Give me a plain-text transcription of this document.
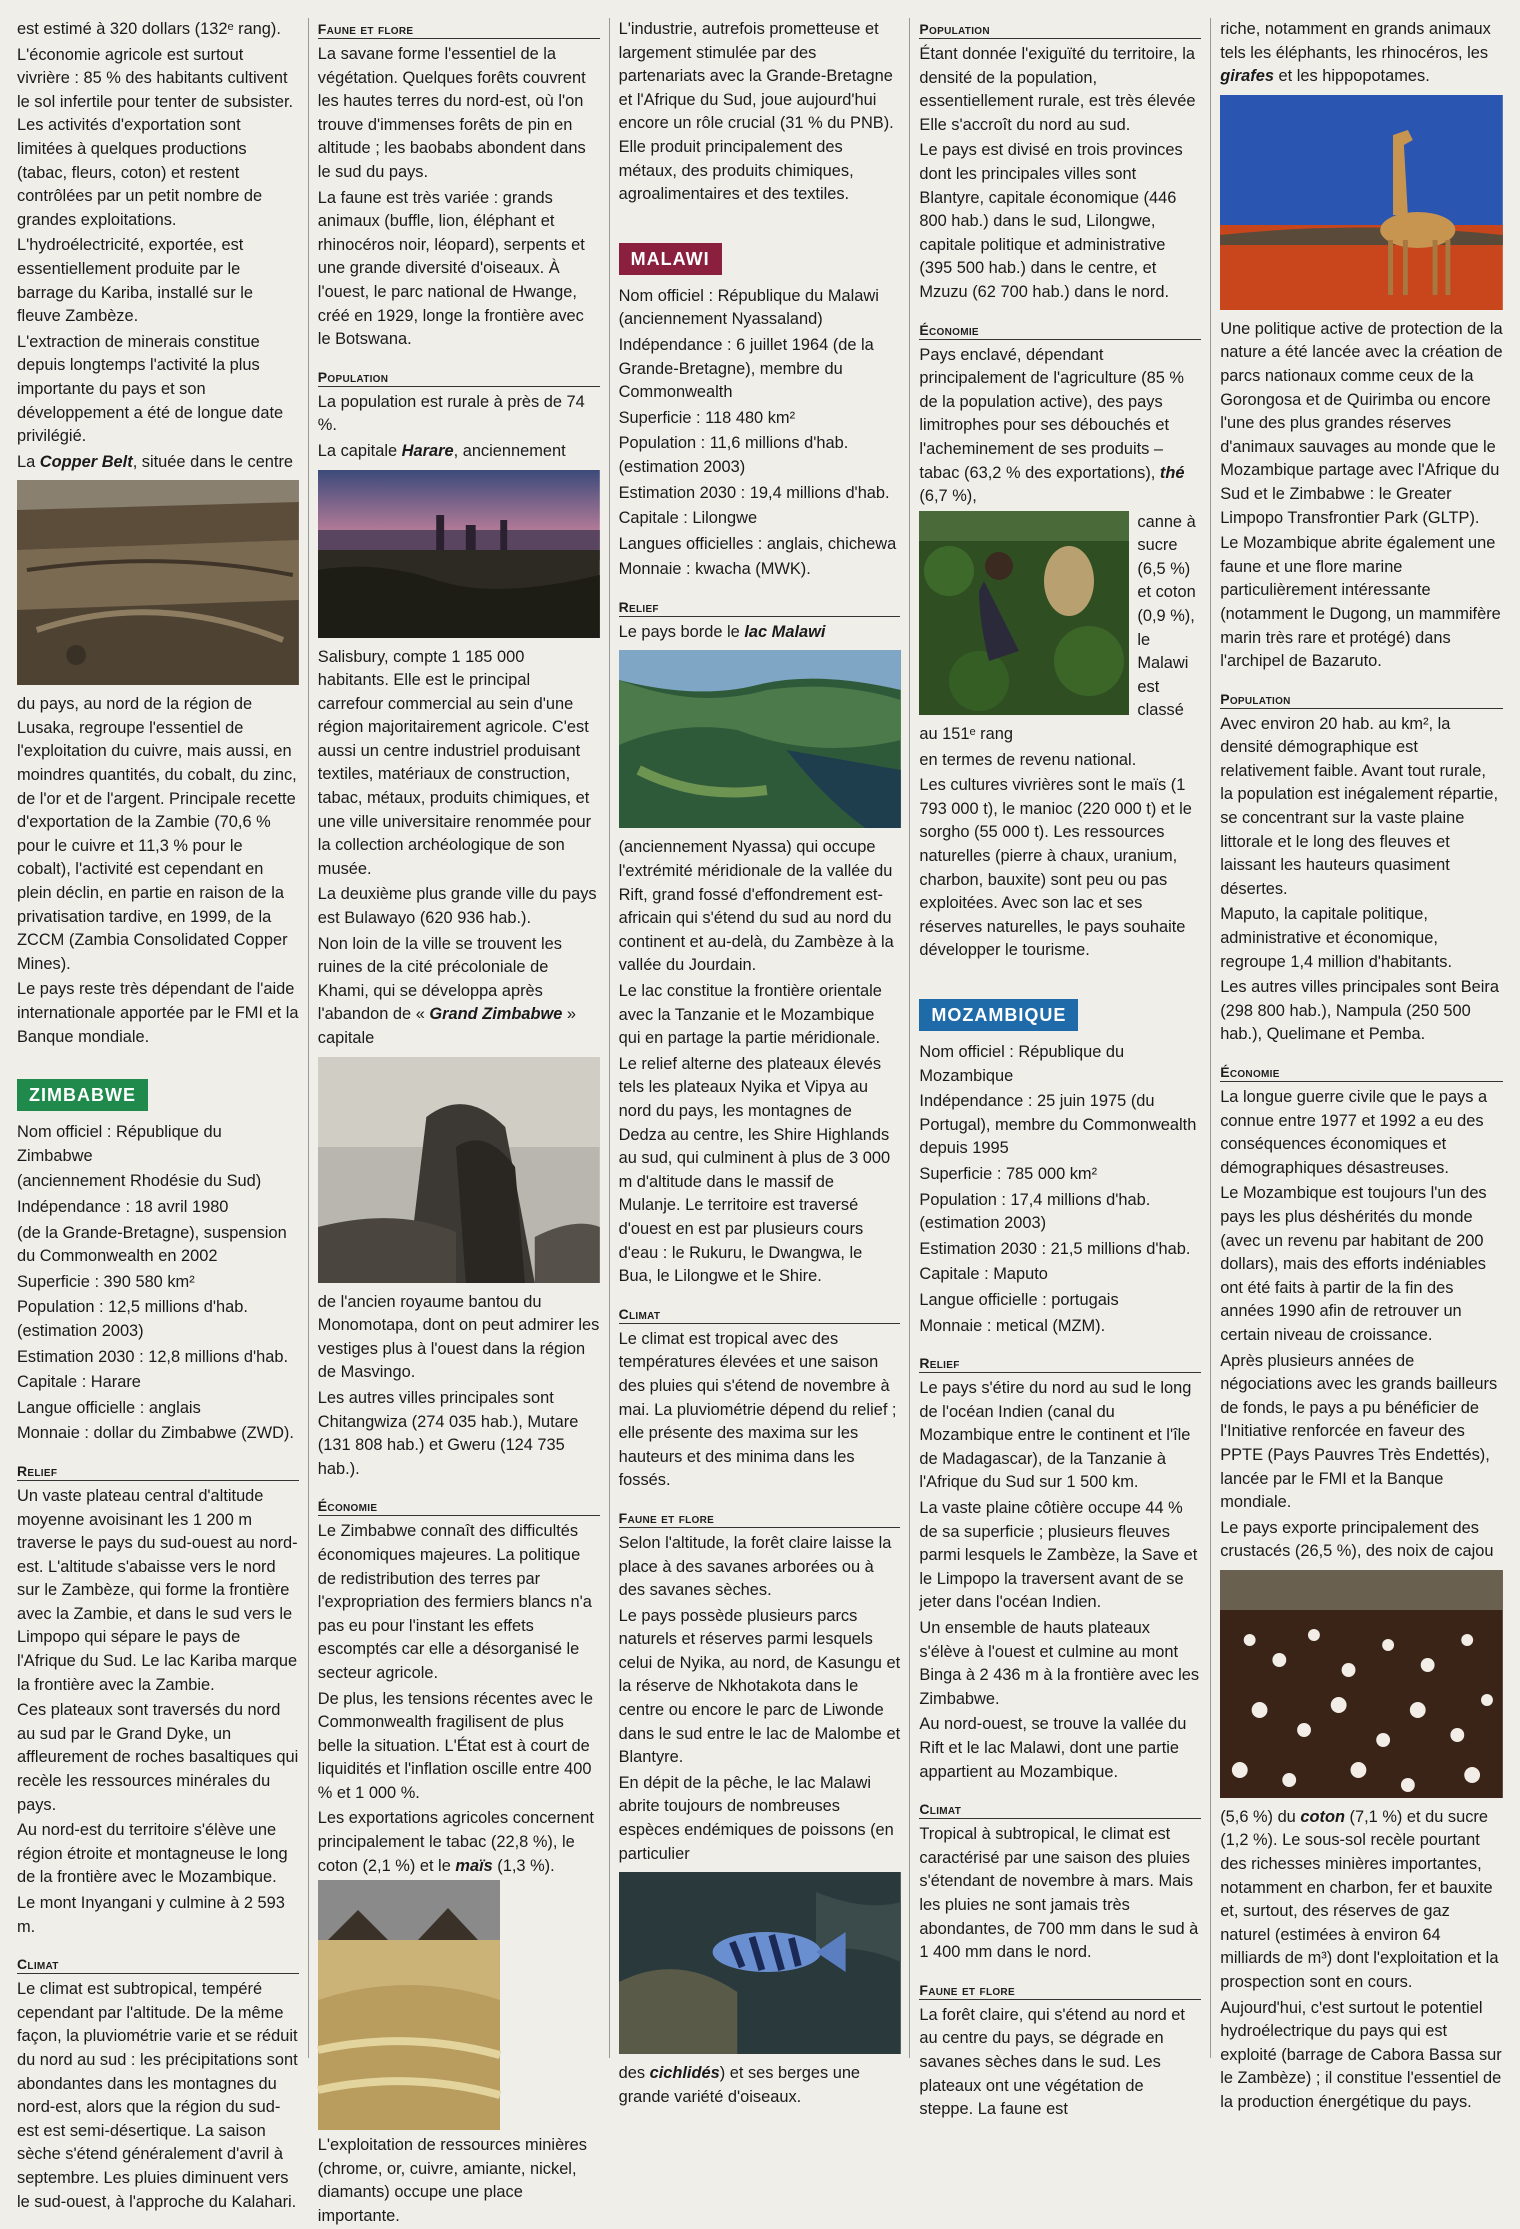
est estimé à 320 dollars (132ᵉ rang).

L'économie agricole est surtout vivrière : 85 % des habitants cultivent le sol infertile pour tenter de subsister. Les activités d'exportation sont limitées à quelques productions (tabac, fleurs, coton) et restent contrôlées par un petit nombre de grandes exploitations.

L'hydroélectricité, exportée, est essentiellement produite par le barrage du Kariba, installé sur le fleuve Zambèze.

L'extraction de minerais constitue depuis longtemps l'activité la plus importante du pays et son développement a été de longue date privilégié.

La Copper Belt, située dans le centre

du pays, au nord de la région de Lusaka, regroupe l'essentiel de l'exploitation du cuivre, mais aussi, en moindres quantités, du cobalt, du zinc, de l'or et de l'argent. Principale recette d'exportation de la Zambie (70,6 % pour le cuivre et 11,3 % pour le cobalt), l'activité est cependant en plein déclin, en partie en raison de la privatisation tardive, en 1999, de la ZCCM (Zambia Consolidated Copper Mines).

Le pays reste très dépendant de l'aide internationale apportée par le FMI et la Banque mondiale.

ZIMBABWE

Nom officiel : République du Zimbabwe

(anciennement Rhodésie du Sud)

Indépendance : 18 avril 1980

(de la Grande-Bretagne), suspension du Commonwealth en 2002

Superficie : 390 580 km²

Population : 12,5 millions d'hab. (estimation 2003)

Estimation 2030 : 12,8 millions d'hab.

Capitale : Harare

Langue officielle : anglais

Monnaie : dollar du Zimbabwe (ZWD).

Relief

Un vaste plateau central d'altitude moyenne avoisinant les 1 200 m traverse le pays du sud-ouest au nord-est. L'altitude s'abaisse vers le nord sur le Zambèze, qui forme la frontière avec la Zambie, et dans le sud vers le Limpopo qui sépare le pays de l'Afrique du Sud. Le lac Kariba marque la frontière avec la Zambie.

Ces plateaux sont traversés du nord au sud par le Grand Dyke, un affleurement de roches basaltiques qui recèle les ressources minérales du pays.

Au nord-est du territoire s'élève une région étroite et montagneuse le long de la frontière avec le Mozambique.

Le mont Inyangani y culmine à 2 593 m.

Climat

Le climat est subtropical, tempéré cependant par l'altitude. De la même façon, la pluviométrie varie et se réduit du nord au sud : les précipitations sont abondantes dans les montagnes du nord-est, alors que la région du sud-est est semi-désertique. La saison sèche s'étend généralement d'avril à septembre. Les pluies diminuent vers le sud-ouest, à l'approche du Kalahari.

Faune et flore

La savane forme l'essentiel de la végétation. Quelques forêts couvrent les hautes terres du nord-est, où l'on trouve d'immenses forêts de pin en altitude ; les baobabs abondent dans le sud du pays.

La faune est très variée : grands animaux (buffle, lion, éléphant et rhinocéros noir, léopard), serpents et une grande diversité d'oiseaux. À l'ouest, le parc national de Hwange, créé en 1929, longe la frontière avec le Botswana.

Population

La population est rurale à près de 74 %.

La capitale Harare, anciennement

Salisbury, compte 1 185 000 habitants. Elle est le principal carrefour commercial au sein d'une région majoritairement agricole. C'est aussi un centre industriel produisant textiles, matériaux de construction, tabac, métaux, produits chimiques, et une ville universitaire renommée pour la collection archéologique de son musée.

La deuxième plus grande ville du pays est Bulawayo (620 936 hab.).

Non loin de la ville se trouvent les ruines de la cité précoloniale de Khami, qui se développa après l'abandon de « Grand Zimbabwe » capitale

de l'ancien royaume bantou du Monomotapa, dont on peut admirer les vestiges plus à l'ouest dans la région de Masvingo.

Les autres villes principales sont Chitangwiza (274 035 hab.), Mutare (131 808 hab.) et Gweru (124 735 hab.).

Économie

Le Zimbabwe connaît des difficultés économiques majeures. La politique de redistribution des terres par l'expropriation des fermiers blancs n'a pas eu pour l'instant les effets escomptés car elle a désorganisé le secteur agricole.

De plus, les tensions récentes avec le Commonwealth fragilisent de plus belle la situation. L'État est à court de liquidités et l'inflation oscille entre 400 % et 1 000 %.

Les exportations agricoles concernent principalement le tabac (22,8 %), le coton (2,1 %) et le maïs (1,3 %).

L'exploitation de ressources minières (chrome, or, cuivre, amiante, nickel, diamants) occupe une place importante.

L'industrie, autrefois prometteuse et largement stimulée par des partenariats avec la Grande-Bretagne et l'Afrique du Sud, joue aujourd'hui encore un rôle crucial (31 % du PNB). Elle produit principalement des métaux, des produits chimiques, agroalimentaires et des textiles.

MALAWI

Nom officiel : République du Malawi (anciennement Nyassaland)

Indépendance : 6 juillet 1964 (de la Grande-Bretagne), membre du Commonwealth

Superficie : 118 480 km²

Population : 11,6 millions d'hab. (estimation 2003)

Estimation 2030 : 19,4 millions d'hab.

Capitale : Lilongwe

Langues officielles : anglais, chichewa

Monnaie : kwacha (MWK).

Relief

Le pays borde le lac Malawi

(anciennement Nyassa) qui occupe l'extrémité méridionale de la vallée du Rift, grand fossé d'effondrement est-africain qui s'étend du sud au nord du continent et au-delà, du Zambèze à la vallée du Jourdain.

Le lac constitue la frontière orientale avec la Tanzanie et le Mozambique qui en partage la partie méridionale.

Le relief alterne des plateaux élevés tels les plateaux Nyika et Vipya au nord du pays, les montagnes de Dedza au centre, les Shire Highlands au sud, qui culminent à plus de 3 000 m d'altitude dans le massif de Mulanje. Le territoire est traversé d'ouest en est par plusieurs cours d'eau : le Rukuru, le Dwangwa, le Bua, le Lilongwe et le Shire.

Climat

Le climat est tropical avec des températures élevées et une saison des pluies qui s'étend de novembre à mai. La pluviométrie dépend du relief ; elle présente des maxima sur les hauteurs et des minima dans les fossés.

Faune et flore

Selon l'altitude, la forêt claire laisse la place à des savanes arborées ou à des savanes sèches.

Le pays possède plusieurs parcs naturels et réserves parmi lesquels celui de Nyika, au nord, de Kasungu et la réserve de Nkhotakota dans le centre ou encore le parc de Liwonde dans le sud entre le lac de Malombe et Blantyre.

En dépit de la pêche, le lac Malawi abrite toujours de nombreuses espèces endémiques de poissons (en particulier

des cichlidés) et ses berges une grande variété d'oiseaux.

Population

Étant donnée l'exiguïté du territoire, la densité de la population, essentiellement rurale, est très élevée Elle s'accroît du nord au sud.

Le pays est divisé en trois provinces dont les principales villes sont Blantyre, capitale économique (446 800 hab.) dans le sud, Lilongwe, capitale politique et administrative (395 500 hab.) dans le centre, et Mzuzu (62 700 hab.) dans le nord.

Économie

Pays enclavé, dépendant principalement de l'agriculture (85 % de la population active), des pays limitrophes pour ses débouchés et l'acheminement de ses produits – tabac (63,2 % des exportations), thé (6,7 %),

canne à sucre (6,5 %) et coton (0,9 %), le Malawi est classé au 151ᵉ rang

en termes de revenu national.

Les cultures vivrières sont le maïs (1 793 000 t), le manioc (220 000 t) et le sorgho (55 000 t). Les ressources naturelles (pierre à chaux, uranium, charbon, bauxite) sont peu ou pas exploitées. Avec son lac et ses réserves naturelles, le pays souhaite développer le tourisme.

MOZAMBIQUE

Nom officiel : République du Mozambique

Indépendance : 25 juin 1975 (du Portugal), membre du Commonwealth depuis 1995

Superficie : 785 000 km²

Population : 17,4 millions d'hab. (estimation 2003)

Estimation 2030 : 21,5 millions d'hab.

Capitale : Maputo

Langue officielle : portugais

Monnaie : metical (MZM).

Relief

Le pays s'étire du nord au sud le long de l'océan Indien (canal du Mozambique entre le continent et l'île de Madagascar), de la Tanzanie à l'Afrique du Sud sur 1 500 km.

La vaste plaine côtière occupe 44 % de sa superficie ; plusieurs fleuves parmi lesquels le Zambèze, la Save et le Limpopo la traversent avant de se jeter dans l'océan Indien.

Un ensemble de hauts plateaux s'élève à l'ouest et culmine au mont Binga à 2 436 m à la frontière avec les Zimbabwe.

Au nord-ouest, se trouve la vallée du Rift et le lac Malawi, dont une partie appartient au Mozambique.

Climat

Tropical à subtropical, le climat est caractérisé par une saison des pluies s'étendant de novembre à mars. Mais les pluies ne sont jamais très abondantes, de 700 mm dans le sud à 1 400 mm dans le nord.

Faune et flore

La forêt claire, qui s'étend au nord et au centre du pays, se dégrade en savanes sèches dans le sud. Les plateaux ont une végétation de steppe. La faune est

riche, notamment en grands animaux tels les éléphants, les rhinocéros, les girafes et les hippopotames.

Une politique active de protection de la nature a été lancée avec la création de parcs nationaux comme ceux de la Gorongosa et de Quirimba ou encore l'une des plus grandes réserves d'animaux sauvages au monde que le Mozambique partage avec l'Afrique du Sud et le Zimbabwe : le Greater Limpopo Transfrontier Park (GLTP).

Le Mozambique abrite également une faune et une flore marine particulièrement intéressante (notamment le Dugong, un mammifère marin très rare et protégé) dans l'archipel de Bazaruto.

Population

Avec environ 20 hab. au km², la densité démographique est relativement faible. Avant tout rurale, la population est inégalement répartie, se concentrant sur la vaste plaine littorale et le long des fleuves et laissant les hauteurs quasiment désertes.

Maputo, la capitale politique, administrative et économique, regroupe 1,4 million d'habitants.

Les autres villes principales sont Beira (298 800 hab.), Nampula (250 500 hab.), Quelimane et Pemba.

Économie

La longue guerre civile que le pays a connue entre 1977 et 1992 a eu des conséquences économiques et démographiques désastreuses.

Le Mozambique est toujours l'un des pays les plus déshérités du monde (avec un revenu par habitant de 200 dollars), mais des efforts indéniables ont été faits à partir de la fin des années 1990 afin de retrouver un certain niveau de croissance.

Après plusieurs années de négociations avec les grands bailleurs de fonds, le pays a pu bénéficier de l'Initiative renforcée en faveur des PPTE (Pays Pauvres Très Endettés), lancée par le FMI et la Banque mondiale.

Le pays exporte principalement des crustacés (26,5 %), des noix de cajou

(5,6 %) du coton (7,1 %) et du sucre (1,2 %). Le sous-sol recèle pourtant des richesses minières importantes, notamment en charbon, fer et bauxite et, surtout, des réserves de gaz naturel (estimées à environ 64 milliards de m³) dont l'exploitation et la prospection sont en cours.

Aujourd'hui, c'est surtout le potentiel hydroélectrique du pays qui est exploité (barrage de Cabora Bassa sur le Zambèze) ; il constitue l'essentiel de la production énergétique du pays.
